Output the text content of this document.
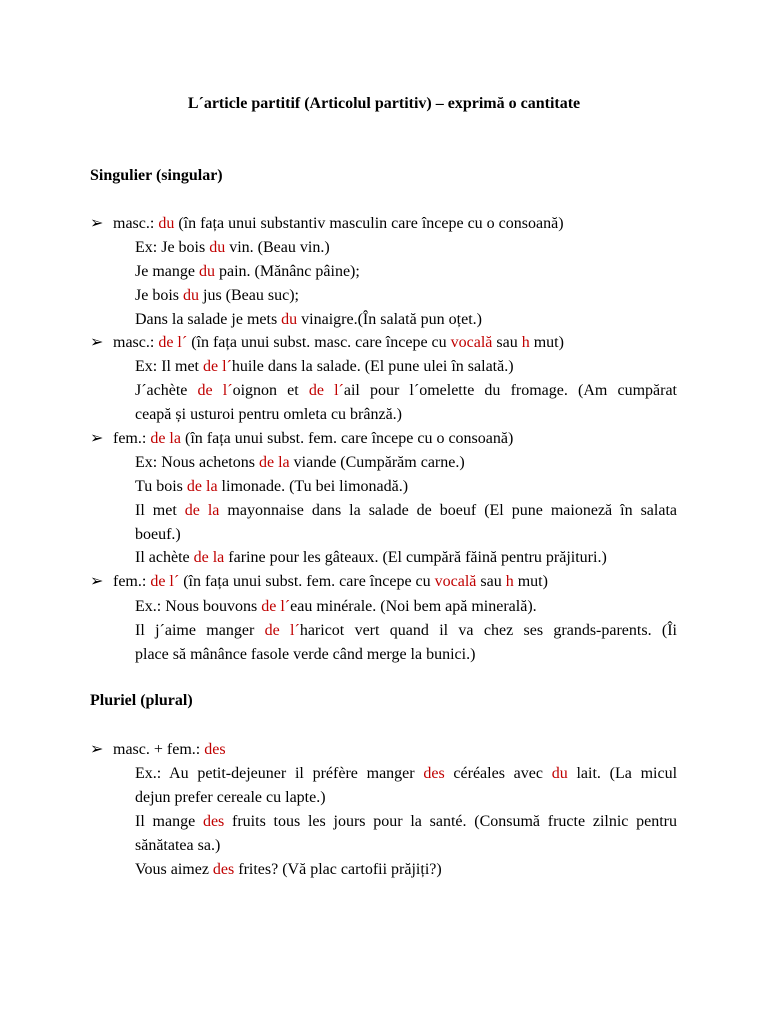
L´article partitif (Articolul partitiv) – exprimă o cantitate
Singulier (singular)
➢ masc.: du (în fața unui substantiv masculin care începe cu o consoană)
Ex: Je bois du vin. (Beau vin.)
Je mange du pain. (Mănânc pâine);
Je bois du jus (Beau suc);
Dans la salade je mets du vinaigre.(În salată pun oțet.)
➢ masc.: de l´ (în fața unui subst. masc. care începe cu vocală sau h mut)
Ex: Il met de l´huile dans la salade. (El pune ulei în salată.)
J´achète de l´oignon et de l´ail pour l´omelette du fromage. (Am cumpărat
ceapă și usturoi pentru omleta cu brânză.)
➢ fem.: de la (în fața unui subst. fem. care începe cu o consoană)
Ex: Nous achetons de la viande (Cumpărăm carne.)
Tu bois de la limonade. (Tu bei limonadă.)
Il met de la mayonnaise dans la salade de boeuf (El pune maioneză în salata
boeuf.)
Il achète de la farine pour les gâteaux. (El cumpără făină pentru prăjituri.)
➢ fem.: de l´ (în fața unui subst. fem. care începe cu vocală sau h mut)
Ex.: Nous bouvons de l´eau minérale. (Noi bem apă minerală).
Il j´aime manger de l´haricot vert quand il va chez ses grands-parents. (Îi
place să mânânce fasole verde când merge la bunici.)
Pluriel (plural)
➢ masc. + fem.: des
Ex.: Au petit-dejeuner il préfère manger des céréales avec du lait. (La micul
dejun prefer cereale cu lapte.)
Il mange des fruits tous les jours pour la santé. (Consumă fructe zilnic pentru
sănătatea sa.)
Vous aimez des frites? (Vă plac cartofii prăjiți?)
